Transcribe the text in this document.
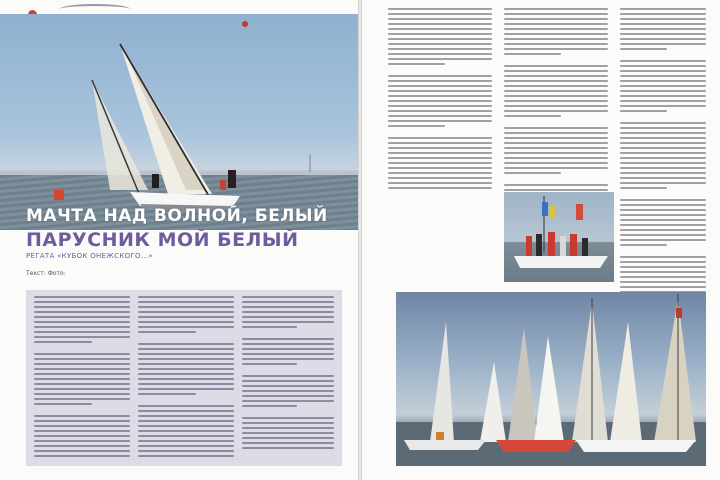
МАЧТА НАД ВОЛНОЙ, БЕЛЫЙ
ПАРУСНИК МОЙ БЕЛЫЙ
РЕГАТА «КУБОК ОНЕЖСКОГО...»
Текст: Фото:
